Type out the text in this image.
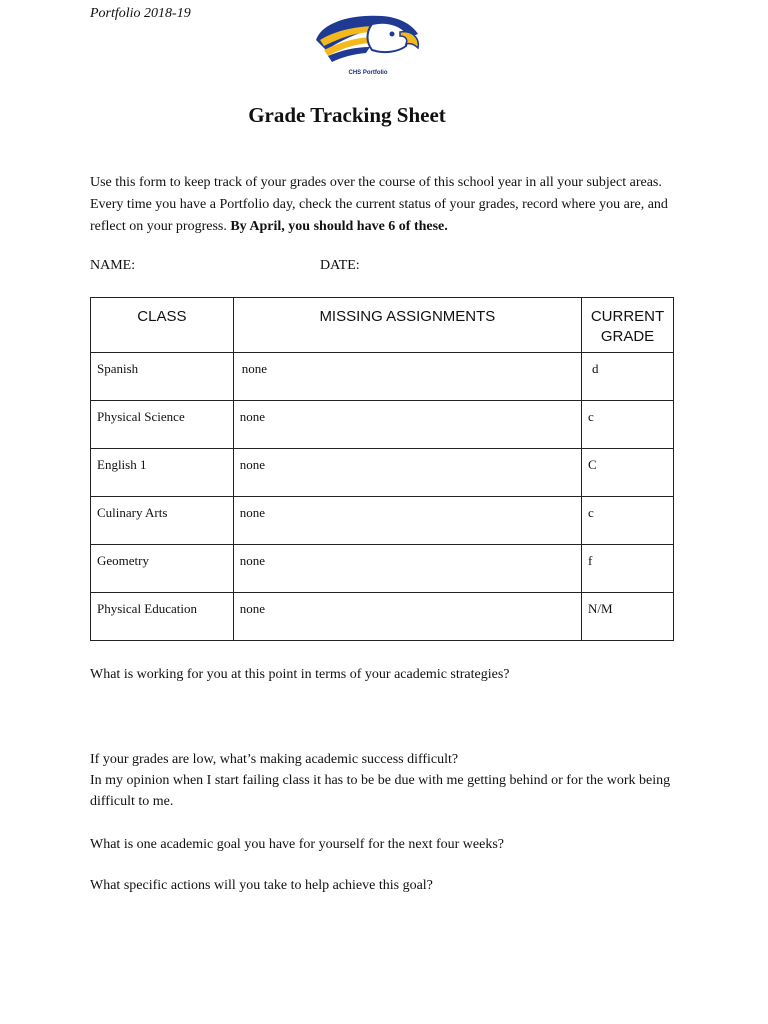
Portfolio 2018-19
CHS Portfolio
Grade Tracking Sheet

Use this form to keep track of your grades over the course of this school year in all your subject areas. Every time you have a Portfolio day, check the current status of your grades, record where you are, and reflect on your progress. By April, you should have 6 of these.

NAME:	DATE:
CLASS	MISSING ASSIGNMENTS	CURRENT GRADE
Spanish	none	d
Physical Science	none	c
English 1	none	C
Culinary Arts	none	c
Geometry	none	f
Physical Education	none	N/M

What is working for you at this point in terms of your academic strategies?

If your grades are low, what’s making academic success difficult?

In my opinion when I start failing class it has to be be due with me getting behind or for the work being difficult to me.

What is one academic goal you have for yourself for the next four weeks?

What specific actions will you take to help achieve this goal?
